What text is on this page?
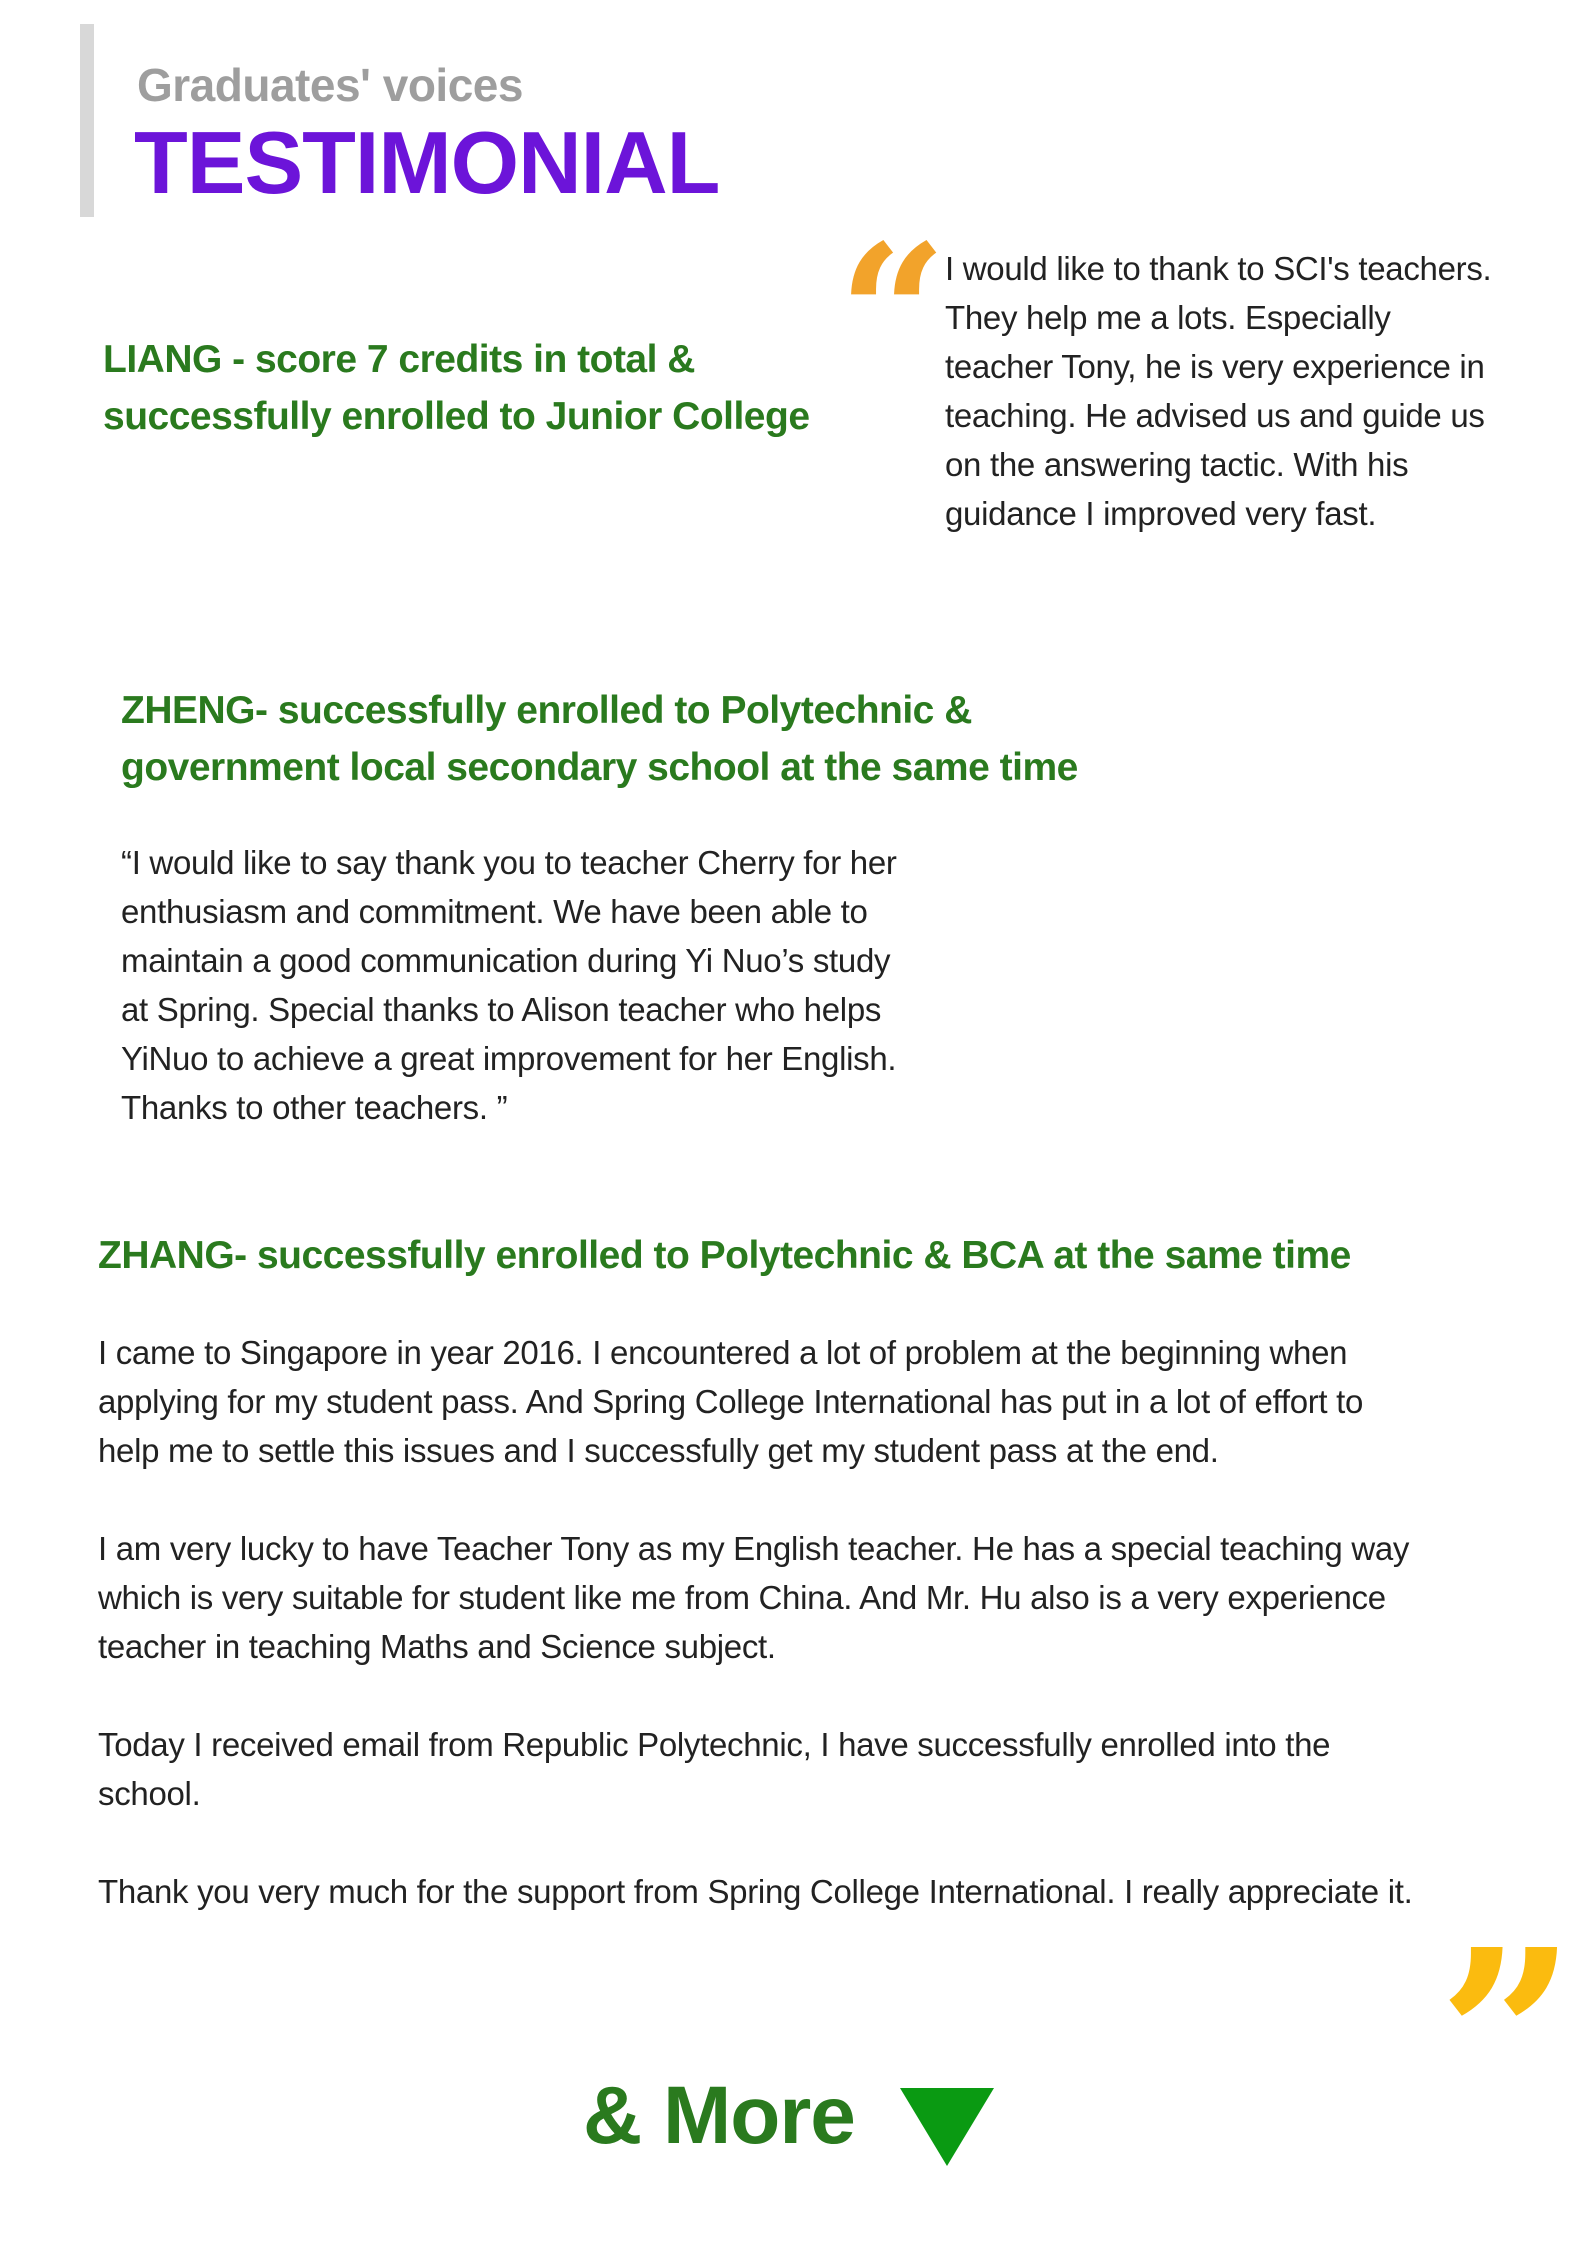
Graduates' voices
TESTIMONIAL
“
LIANG - score 7 credits in total &
successfully enrolled to Junior College
I would like to thank to SCI's teachers.
They help me a lots. Especially
teacher Tony, he is very experience in
teaching. He advised us and guide us
on the answering tactic. With his
guidance I improved very fast.
ZHENG- successfully enrolled to Polytechnic &
government local secondary school at the same time
“I would like to say thank you to teacher Cherry for her
enthusiasm and commitment. We have been able to
maintain a good communication during Yi Nuo’s study
at Spring. Special thanks to Alison teacher who helps
YiNuo to achieve a great improvement for her English.
Thanks to other teachers. ”
ZHANG- successfully enrolled to Polytechnic & BCA at the same time
I came to Singapore in year 2016. I encountered a lot of problem at the beginning when
applying for my student pass. And Spring College International has put in a lot of effort to
help me to settle this issues and I successfully get my student pass at the end.
I am very lucky to have Teacher Tony as my English teacher. He has a special teaching way
which is very suitable for student like me from China. And Mr. Hu also is a very experience
teacher in teaching Maths and Science subject.
Today I received email from Republic Polytechnic, I have successfully enrolled into the
school.
Thank you very much for the support from Spring College International. I really appreciate it.
”
& More
